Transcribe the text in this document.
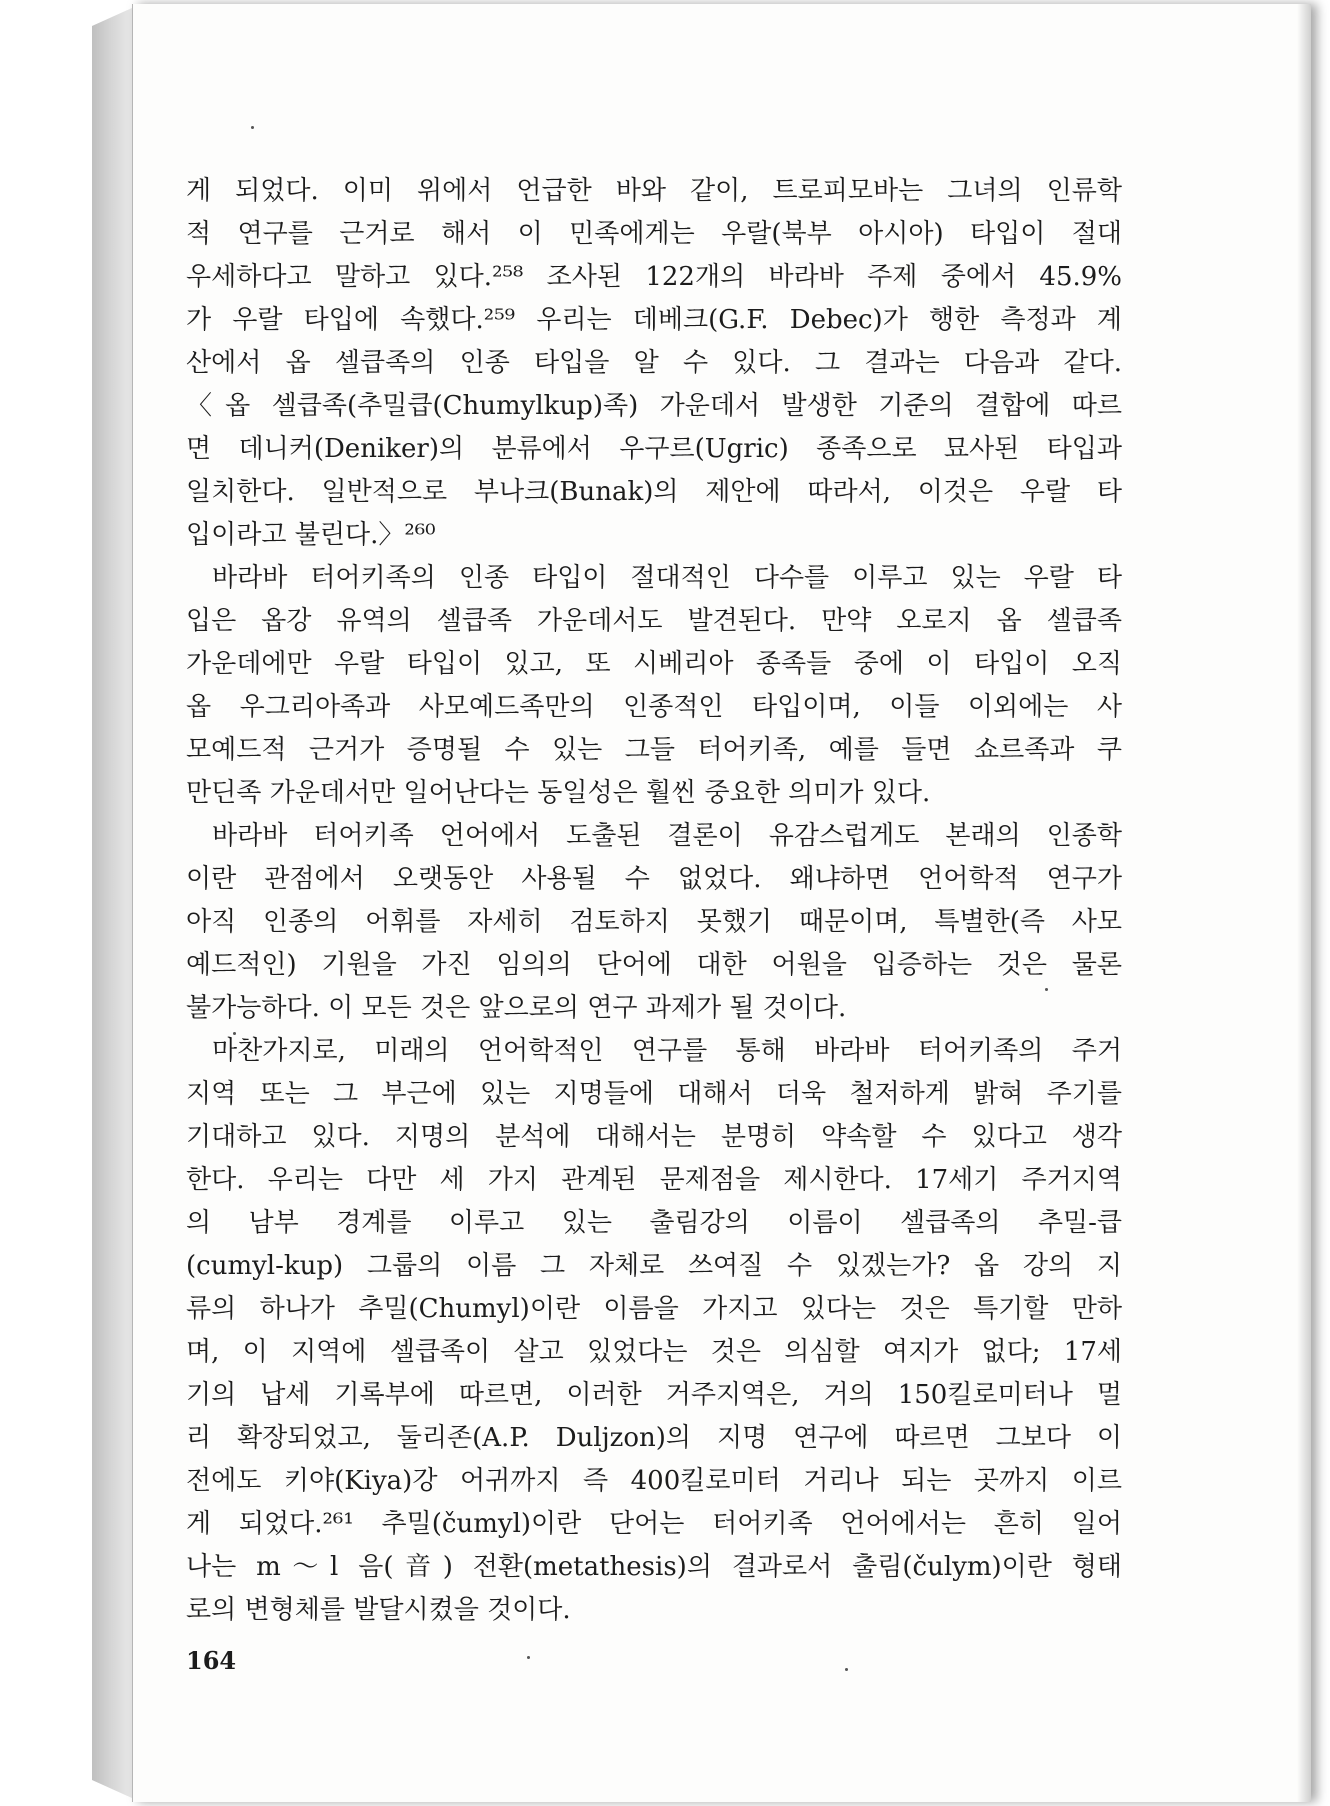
게 되었다. 이미 위에서 언급한 바와 같이, 트로피모바는 그녀의 인류학
적 연구를 근거로 해서 이 민족에게는 우랄(북부 아시아) 타입이 절대
우세하다고 말하고 있다.²⁵⁸ 조사된 122개의 바라바 주제 중에서 45.9%
가 우랄 타입에 속했다.²⁵⁹ 우리는 데베크(G.F. Debec)가 행한 측정과 계
산에서 옵 셀큽족의 인종 타입을 알 수 있다. 그 결과는 다음과 같다.
〈옵 셀큽족(추밀큽(Chumylkup)족) 가운데서 발생한 기준의 결합에 따르
면 데니커(Deniker)의 분류에서 우구르(Ugric) 종족으로 묘사된 타입과
일치한다. 일반적으로 부나크(Bunak)의 제안에 따라서, 이것은 우랄 타
입이라고 불린다.〉²⁶⁰
바라바 터어키족의 인종 타입이 절대적인 다수를 이루고 있는 우랄 타
입은 옵강 유역의 셀큽족 가운데서도 발견된다. 만약 오로지 옵 셀큽족
가운데에만 우랄 타입이 있고, 또 시베리아 종족들 중에 이 타입이 오직
옵 우그리아족과 사모예드족만의 인종적인 타입이며, 이들 이외에는 사
모예드적 근거가 증명될 수 있는 그들 터어키족, 예를 들면 쇼르족과 쿠
만딘족 가운데서만 일어난다는 동일성은 훨씬 중요한 의미가 있다.
바라바 터어키족 언어에서 도출된 결론이 유감스럽게도 본래의 인종학
이란 관점에서 오랫동안 사용될 수 없었다. 왜냐하면 언어학적 연구가
아직 인종의 어휘를 자세히 검토하지 못했기 때문이며, 특별한(즉 사모
예드적인) 기원을 가진 임의의 단어에 대한 어원을 입증하는 것은 물론
불가능하다. 이 모든 것은 앞으로의 연구 과제가 될 것이다.
마찬가지로, 미래의 언어학적인 연구를 통해 바라바 터어키족의 주거
지역 또는 그 부근에 있는 지명들에 대해서 더욱 철저하게 밝혀 주기를
기대하고 있다. 지명의 분석에 대해서는 분명히 약속할 수 있다고 생각
한다. 우리는 다만 세 가지 관계된 문제점을 제시한다. 17세기 주거지역
의 남부 경계를 이루고 있는 출림강의 이름이 셀큽족의 추밀-큽
(cumyl-kup) 그룹의 이름 그 자체로 쓰여질 수 있겠는가? 옵 강의 지
류의 하나가 추밀(Chumyl)이란 이름을 가지고 있다는 것은 특기할 만하
며, 이 지역에 셀큽족이 살고 있었다는 것은 의심할 여지가 없다; 17세
기의 납세 기록부에 따르면, 이러한 거주지역은, 거의 150킬로미터나 멀
리 확장되었고, 둘리존(A.P. Duljzon)의 지명 연구에 따르면 그보다 이
전에도 키야(Kiya)강 어귀까지 즉 400킬로미터 거리나 되는 곳까지 이르
게 되었다.²⁶¹ 추밀(čumyl)이란 단어는 터어키족 언어에서는 흔히 일어
나는 m～l 음(音) 전환(metathesis)의 결과로서 출림(čulym)이란 형태
로의 변형체를 발달시켰을 것이다.
164
